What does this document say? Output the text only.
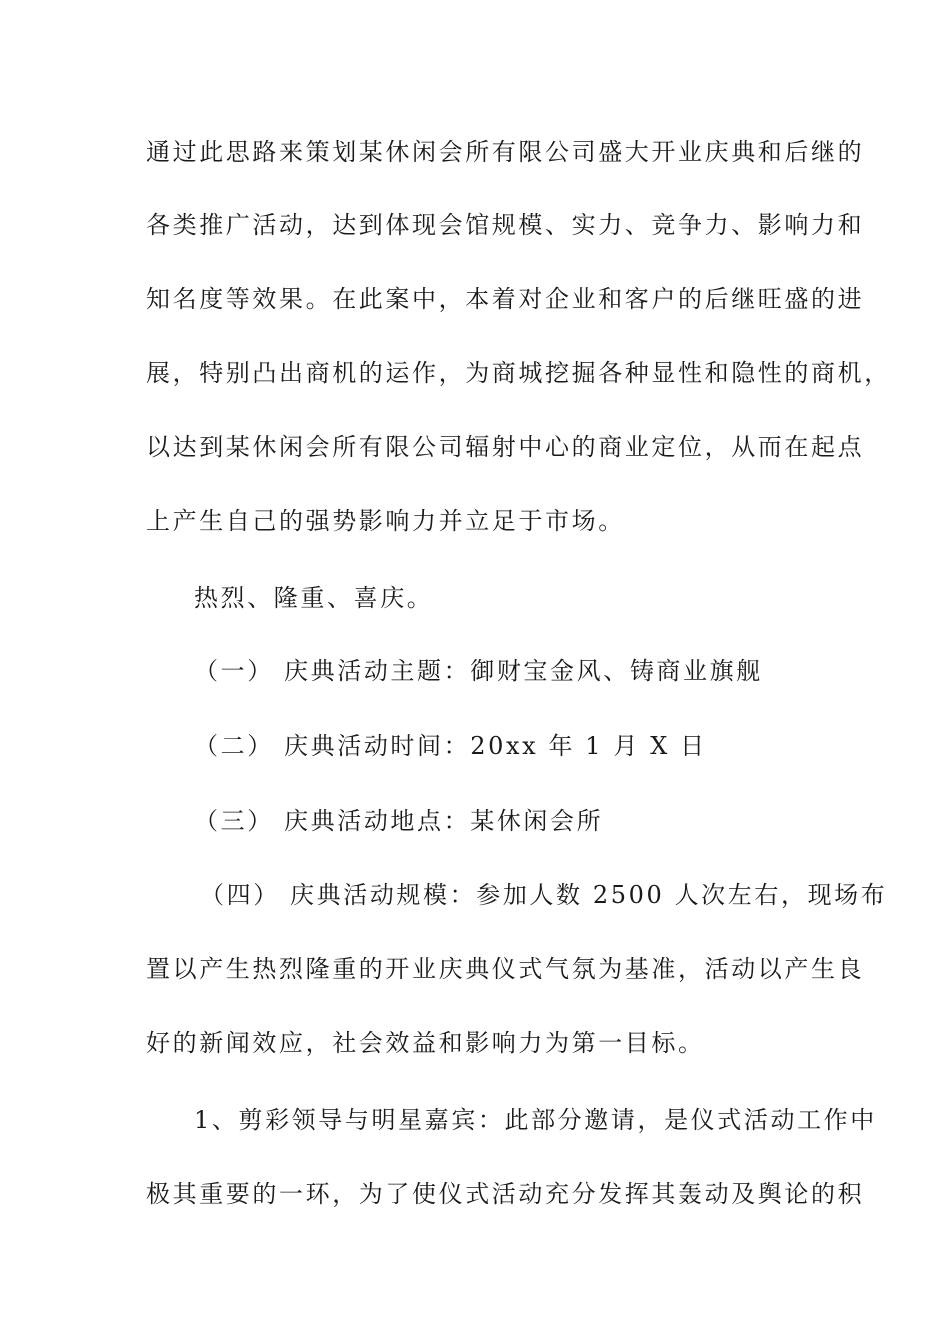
通过此思路来策划某休闲会所有限公司盛大开业庆典和后继的
各类推广活动，达到体现会馆规模、实力、竞争力、影响力和
知名度等效果。在此案中，本着对企业和客户的后继旺盛的进
展，特别凸出商机的运作，为商城挖掘各种显性和隐性的商机，
以达到某休闲会所有限公司辐射中心的商业定位，从而在起点
上产生自己的强势影响力并立足于市场。
热烈、隆重、喜庆。
（一） 庆典活动主题：御财宝金风、铸商业旗舰
（二） 庆典活动时间：20xx 年 1 月 X 日
（三） 庆典活动地点：某休闲会所
（四） 庆典活动规模：参加人数 2500 人次左右，现场布
置以产生热烈隆重的开业庆典仪式气氛为基准，活动以产生良
好的新闻效应，社会效益和影响力为第一目标。
1、剪彩领导与明星嘉宾：此部分邀请，是仪式活动工作中
极其重要的一环，为了使仪式活动充分发挥其轰动及舆论的积
